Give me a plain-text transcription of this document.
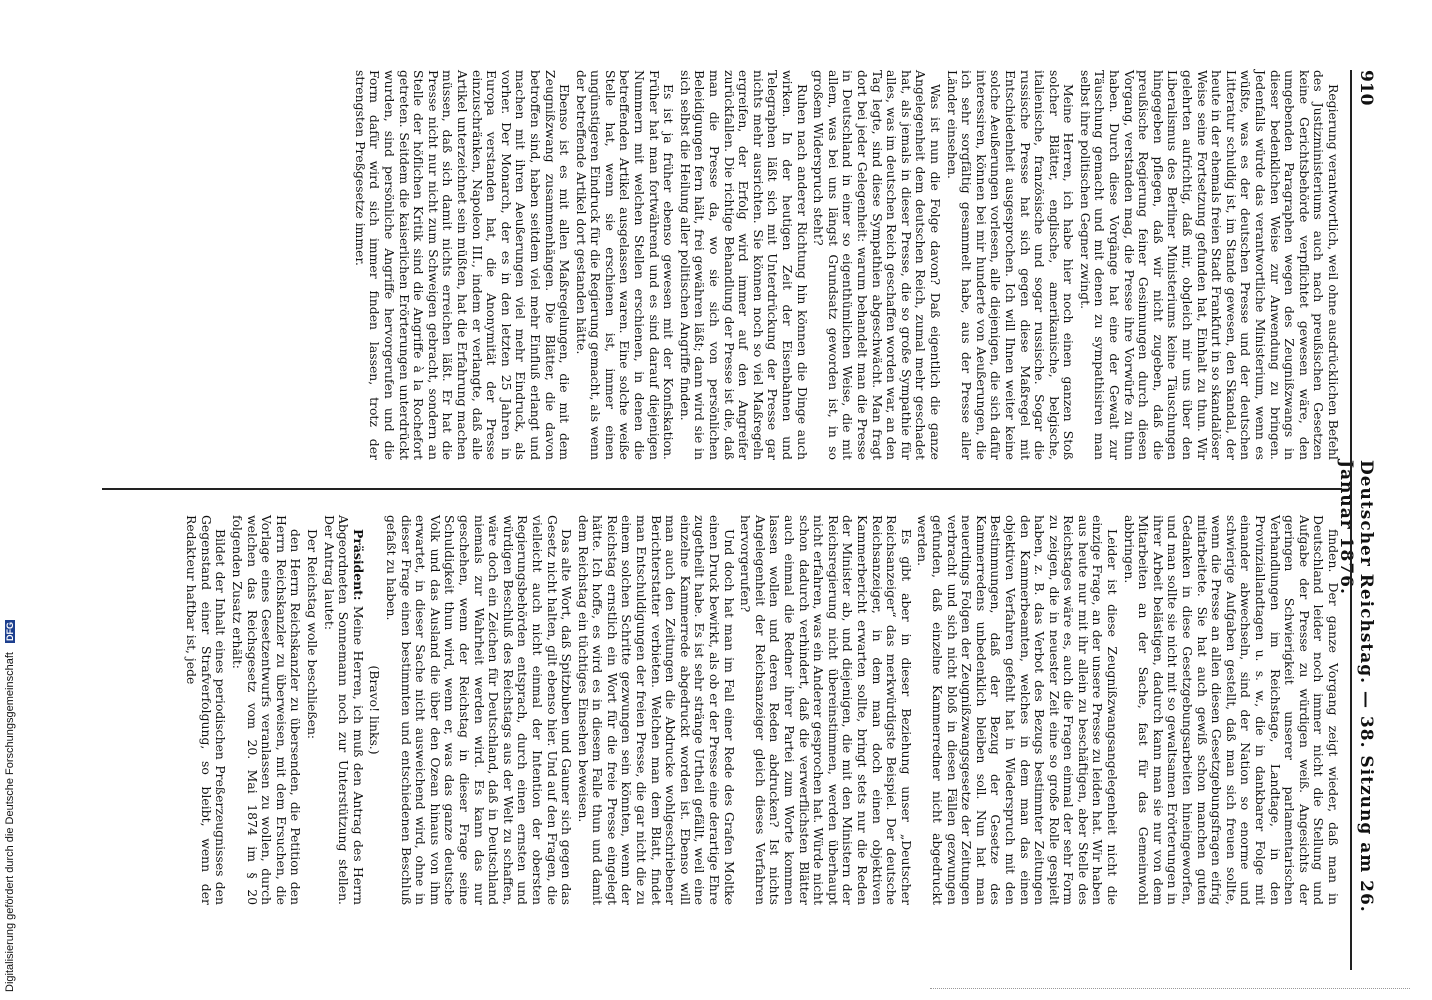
Digitalisierung gefördert durch die Deutsche Forschungsgemeinschaft DFG
910
Deutscher Reichstag. — 38. Sitzung am 26. Januar 1876.

Regierung verantwortlich, weil ohne ausdrücklichen Befehl des Justizministeriums auch nach preußischen Gesetzen keine Gerichtsbehörde verpflichtet gewesen wäre, den umgebenden Paragraphen wegen des Zeugnißzwangs in dieser bedenklichen Weise zur Anwendung zu bringen. Jedenfalls würde das verantwortliche Ministerium, wenn es wüßte, was es der deutschen Presse und der deutschen Litteratur schuldig ist, im Stande gewesen, den Skandal, der heute in der ehemals freien Stadt Frankfurt in so skandalöser Weise seine Fortsetzung gefunden hat, Einhalt zu thun. Wir gelehrten aufrichtig, daß mir, obgleich mir uns über den Liberalismus des Berliner Ministeriums keine Täuschungen hingegeben pflegen, daß wir nicht zugeben, daß die preußische Regierung feiner Gesinnungen durch diesen Vorgang, verstanden mag, die Presse ihre Vorwürfe zu thun haben. Durch diese Vorgänge hat eine der Gewalt zur Täuschung gemacht und mit denen zu sympathisiren man selbst ihre politischen Gegner zwingt.

Meine Herren, ich habe hier noch einen ganzen Stoß solcher Blätter, englische, amerikanische, belgische, italienische, französische und sogar russische. Sogar die russische Presse hat sich gegen diese Maßregel mit Entschiedenheit ausgesprochen. Ich will Ihnen weiter keine solche Aeußerungen vorlesen, alle diejenigen, die sich dafür interessiren, können bei mir hunderte von Aeußerungen, die ich sehr sorgfältig gesammelt habe, aus der Presse aller Länder einsehen.

Was ist nun die Folge davon? Daß eigentlich die ganze Angelegenheit dem deutschen Reich, zumal mehr geschadet hat, als jemals in dieser Presse, die so große Sympathie für alles, was im deutschen Reich geschaffen worden war, an den Tag legte, sind diese Sympathien abgeschwächt. Man fragt dort bei jeder Gelegenheit: warum behandelt man die Presse in Deutschland in einer so eigenthümlichen Weise, die mit allem, was bei uns längst Grundsatz geworden ist, in so großem Widerspruch steht?

Ruhen nach anderer Richtung hin können die Dinge auch wirken. In der heutigen Zeit der Eisenbahnen und Telegraphen läßt sich mit Unterdrückung der Presse gar nichts mehr ausrichten. Sie können noch so viel Maßregeln ergreifen, der Erfolg wird immer auf den Angreifer zurückfallen. Die richtige Behandlung der Presse ist die, daß man die Presse da, wo sie sich von persönlichen Beleidigungen fern hält, frei gewähren läßt; dann wird sie in sich selbst die Heilung aller politischen Angriffe finden.

Es ist ja früher ebenso gewesen mit der Konfiskation. Früher hat man fortwährend und es sind darauf diejenigen Nummern mit welchen Stellen erschienen, in denen die betreffenden Artikel ausgelassen waren. Eine solche weiße Stelle hat, wenn sie erschienen ist, immer einen ungünstigeren Eindruck für die Regierung gemacht, als wenn der betreffende Artikel dort gestanden hätte.

Ebenso ist es mit allen Maßregelungen, die mit dem Zeugnißzwang zusammenhängen. Die Blätter, die davon betroffen sind, haben seitdem viel mehr Einfluß erlangt und machen mit ihren Aeußerungen viel mehr Eindruck, als vorher. Der Monarch, der es in den letzten 25 Jahren in Europa verstanden hat, die Anonymität der Presse einzuschränken, Napoleon III., indem er verlangte, daß alle Artikel unterzeichnet sein müßten, hat die Erfahrung machen müssen, daß sich damit nichts erreichen läßt. Er hat die Presse nicht nur nicht zum Schweigen gebracht, sondern an Stelle der höflichen Kritik sind die Angriffe à la Rochefort getreten. Seitdem die kaiserlichen Erörterungen unterdrückt wurden, sind persönliche Angriffe hervorgerufen und die Form dafür wird sich immer finden lassen, trotz der strengsten Preßgesetze immer.

finden. Der ganze Vorgang zeigt wieder, daß man in Deutschland leider noch immer nicht die Stellung und Aufgabe der Presse zu würdigen weiß. Angesichts der geringen Schwierigkeit unserer parlamentarischen Verhandlungen im Reichstage, Landtage, in den Provinziallandtagen u. s. w., die in dankbarer Folge mit einander abwechseln, sind der Nation so enorme und schwierige Aufgaben gestellt, daß man sich freuen sollte, wenn die Presse an allen diesen Gesetzgebungsfragen eifrig mitarbeitete. Sie hat auch gewiß schon manchen guten Gedanken in diese Gesetzgebungsarbeiten hineingeworfen, und man sollte sie nicht mit so gewaltsamen Erörterungen in ihrer Arbeit belästigen, dadurch kann man sie nur von dem Mitarbeiten an der Sache, fast für das Gemeinwohl abbringen.

Leider ist diese Zeugnißzwangsangelegenheit nicht die einzige Frage, an der unsere Presse zu leiden hat. Wir haben aus heute nur mit ihr allein zu beschäftigen, aber Stelle des Reichstages wäre es, auch die Fragen einmal der sehr Form zu zeigen, die in neuester Zeit eine so große Rolle gespielt haben, z. B. das Verbot des Bezugs bestimmter Zeitungen den Kammerbeamten, welches in dem man das einen objektiven Verfahren gefehlt hat in Wiederspruch mit den Bestimmungen, daß der Bezug der Gesetze des Kammerredens unbedenklich bleiben soll. Nun hat man neuerdings Folgen der Zeugnißzwangsgesetze der Zeitungen verbracht und sich nicht bloß in diesen Fällen gezwungen gefunden, daß einzelne Kammerredner nicht abgedruckt werden.

Es gibt aber in dieser Beziehung unser „Deutscher Reichsanzeiger“ das merkwürdigste Beispiel. Der deutsche Reichsanzeiger, in dem man doch einen objektiven Kammerbericht erwarten sollte, bringt stets nur die Reden der Minister ab, und diejenigen, die mit den Ministern der Reichsregierung nicht übereinstimmen, werden überhaupt nicht erfahren, was ein Anderer gesprochen hat. Würde nicht schon dadurch verhindert, daß die verwerflichsten Blätter auch einmal die Redner ihrer Partei zum Worte kommen lassen wollen und deren Reden abdrucken? Ist nichts Angelegenheit der Reichsanzeiger gleich dieses Verfahren hervorgerufen?

Und doch hat man im Fall einer Rede des Grafen Moltke einen Druck bewirkt, als ob er der Presse eine derartige Ehre zugetheilt habe. Es ist sehr stränge Urtheil gefällt, weil eine einzelne Kammerrede abgedruckt worden ist. Ebenso will man auch den Zeitungen die Abdrucke wohlgeschriebener Berichterstatter verbieten. Welchen man dem Blatt, findet man Entschuldigungen der freien Presse, die gar nicht die zu einem solchen Schritte gezwungen sein könnten, wenn der Reichstag ernstlich ein Wort für die freie Presse eingelegt hätte. Ich hoffe, es wird es in diesem Falle thun und damit dem Reichstag ein tüchtiges Einsehen beweisen.

Das alte Wort, daß Spitzbuben und Gauner sich gegen das Gesetz nicht halten, gilt ebenso hier. Und auf den Fragen, die vielleicht auch nicht einmal der Intention der obersten Regierungsbehörden entsprach, durch einen ernsten und würdigen Beschluß des Reichstags aus der Welt zu schaffen, wäre doch ein Zeichen für Deutschland, daß in Deutschland niemals zur Wahrheit werden wird. Es kann das nur geschehen, wenn der Reichstag in dieser Frage seine Schuldigkeit thun wird, wenn er, was das ganze deutsche Volk und das Ausland die über den Ozean hinaus von ihm erwartet, in dieser Sache nicht ausweichend wird, ohne in dieser Frage einen bestimmten und entschiedenen Beschluß gefaßt zu haben.

(Bravo! links.)

Präsident: Meine Herren, ich muß den Antrag des Herrn Abgeordneten Sonnemann noch zur Unterstützung stellen. Der Antrag lautet:

Der Reichstag wolle beschließen:

den Herrn Reichskanzler zu übersenden, die Petition den Herrn Reichskanzler zu überweisen, mit dem Ersuchen, die Vorlage eines Gesetzentwurfs veranlassen zu wollen, durch welchen das Reichsgesetz vom 20. Mai 1874 im § 20 folgenden Zusatz erhält:

Bildet der Inhalt eines periodischen Preßerzeugnisses den Gegenstand einer Strafverfolgung, so bleibt, wenn der Redakteur haftbar ist, jede
